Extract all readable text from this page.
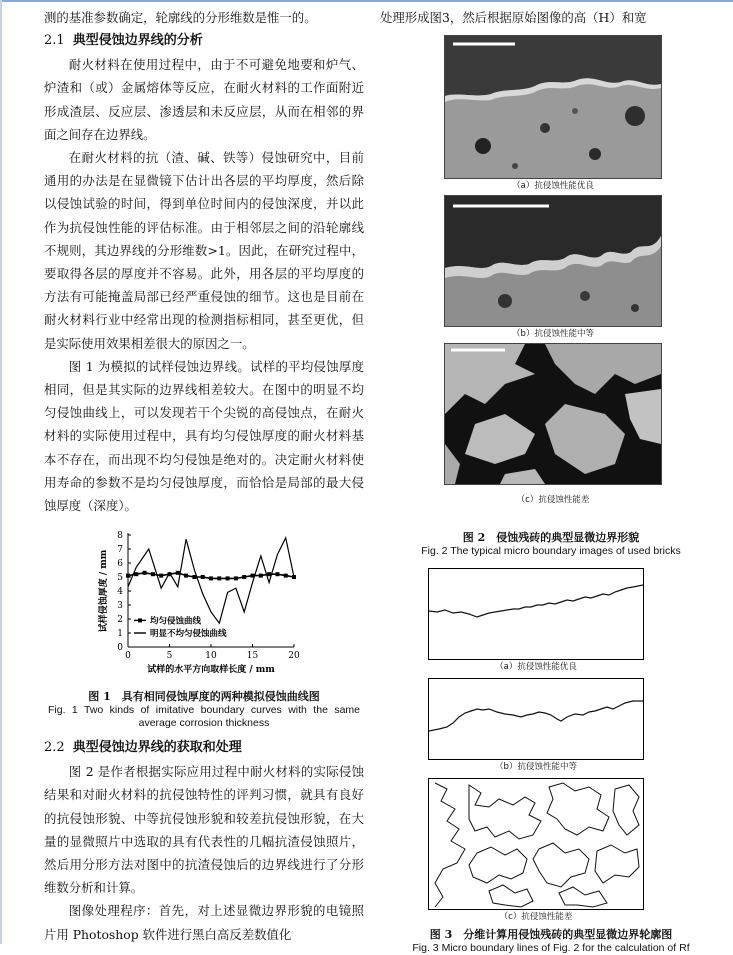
测的基准参数确定，轮廓线的分形维数是惟一的。

2.1 典型侵蚀边界线的分析

耐火材料在使用过程中，由于不可避免地要和炉气、炉渣和（或）金属熔体等反应，在耐火材料的工作面附近形成渣层、反应层、渗透层和未反应层，从而在相邻的界面之间存在边界线。

在耐火材料的抗（渣、碱、铁等）侵蚀研究中，目前通用的办法是在显微镜下估计出各层的平均厚度，然后除以侵蚀试验的时间，得到单位时间内的侵蚀深度，并以此作为抗侵蚀性能的评估标准。由于相邻层之间的沿轮廓线不规则，其边界线的分形维数>1。因此，在研究过程中，要取得各层的厚度并不容易。此外，用各层的平均厚度的方法有可能掩盖局部已经严重侵蚀的细节。这也是目前在耐火材料行业中经常出现的检测指标相同，甚至更优，但是实际使用效果相差很大的原因之一。

图 1 为模拟的试样侵蚀边界线。试样的平均侵蚀厚度相同，但是其实际的边界线相差较大。在图中的明显不均匀侵蚀曲线上，可以发现若干个尖锐的高侵蚀点，在耐火材料的实际使用过程中，具有均匀侵蚀厚度的耐火材料基本不存在，而出现不均匀侵蚀是绝对的。决定耐火材料使用寿命的参数不是均匀侵蚀厚度，而恰恰是局部的最大侵蚀厚度（深度）。

0	5	10	15	20
0
1
2
3
4
5
6
7
8
试样的水平方向取样长度 / mm
试样侵蚀厚度 / mm	均匀侵蚀曲线
明显不均匀侵蚀曲线

图 1　具有相同侵蚀厚度的两种模拟侵蚀曲线图

Fig. 1 Two kinds of imitative boundary curves with the same average corrosion thickness

2.2 典型侵蚀边界线的获取和处理

图 2 是作者根据实际应用过程中耐火材料的实际侵蚀结果和对耐火材料的抗侵蚀特性的评判习惯，就具有良好的抗侵蚀形貌、中等抗侵蚀形貌和较差抗侵蚀形貌，在大量的显微照片中选取的具有代表性的几幅抗渣侵蚀照片，然后用分形方法对图中的抗渣侵蚀后的边界线进行了分形维数分析和计算。

图像处理程序：首先，对上述显微边界形貌的电镜照片用 Photoshop 软件进行黑白高反差数值化

处理形成图3，然后根据原始图像的高（H）和宽

（a）抗侵蚀性能优良

（b）抗侵蚀性能中等

（c）抗侵蚀性能差

图 2　侵蚀残砖的典型显微边界形貌

Fig. 2 The typical micro boundary images of used bricks

（a）抗侵蚀性能优良

（b）抗侵蚀性能中等

（c）抗侵蚀性能差

图 3　分维计算用侵蚀残砖的典型显微边界轮廓图

Fig. 3 Micro boundary lines of Fig. 2 for the calculation of Rf
